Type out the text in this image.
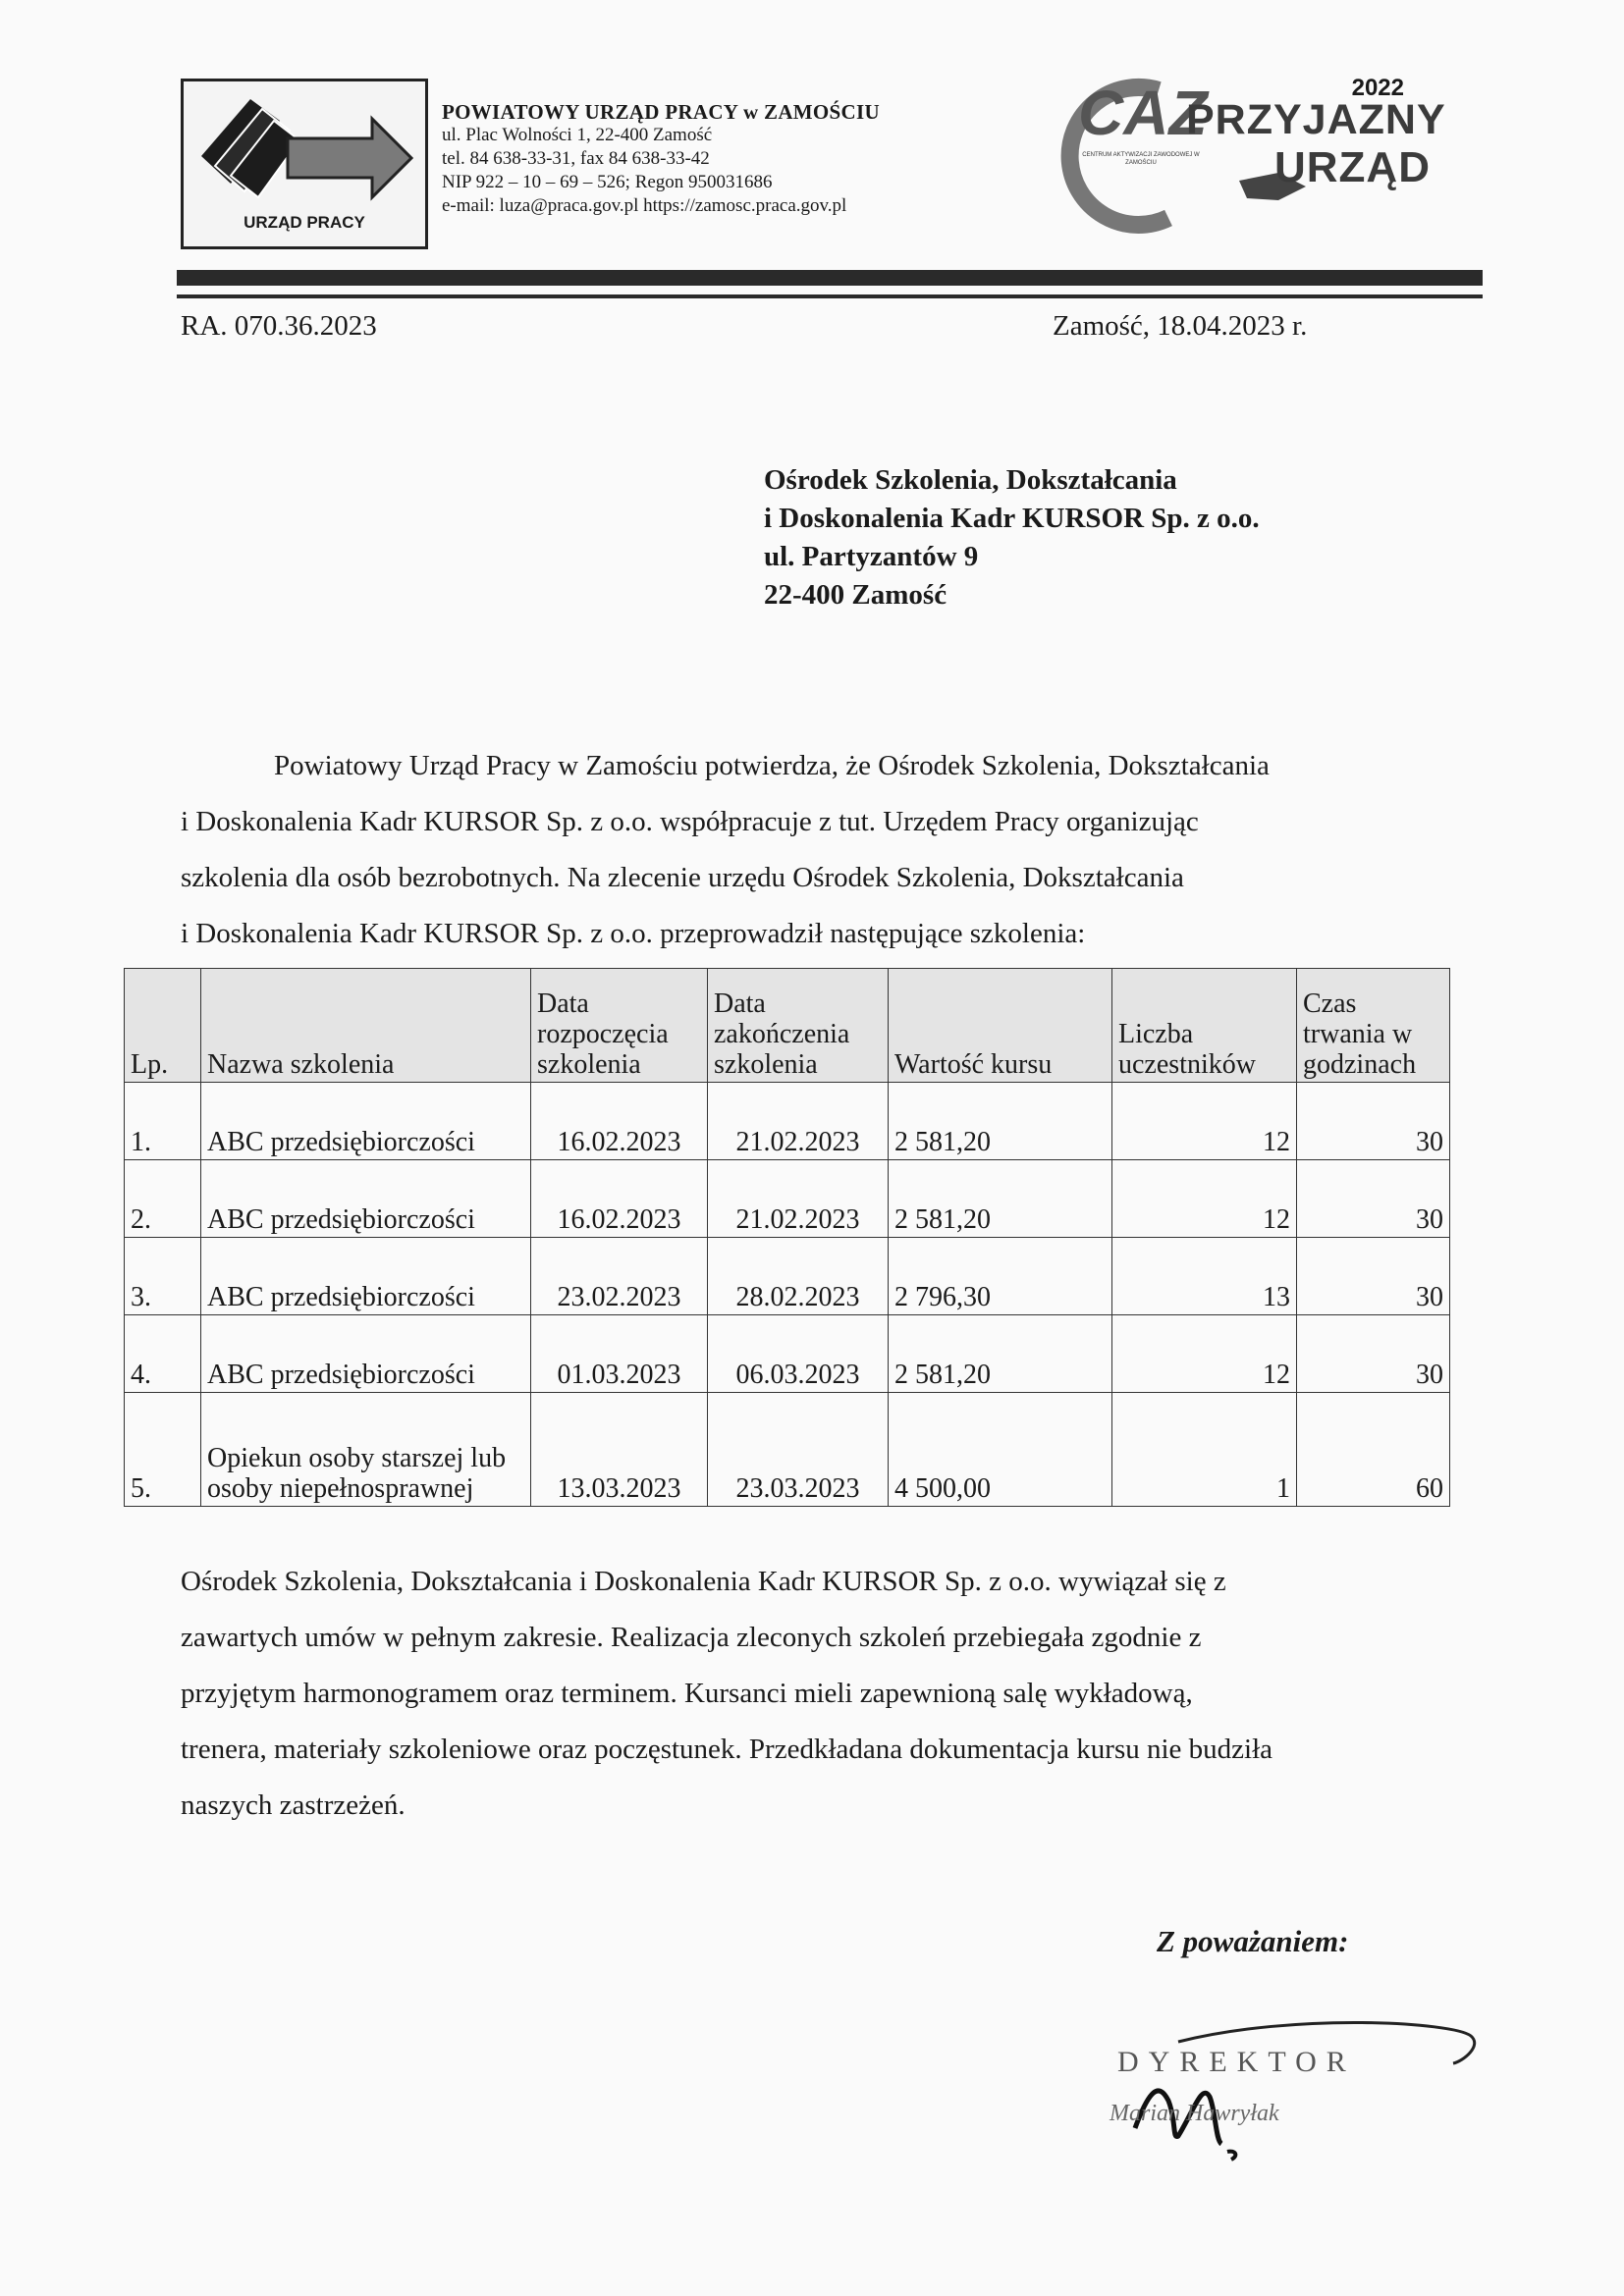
URZĄD PRACY
POWIATOWY URZĄD PRACY w ZAMOŚCIU
ul. Plac Wolności 1, 22-400 Zamość
tel. 84 638-33-31, fax 84 638-33-42
NIP 922 – 10 – 69 – 526; Regon 950031686
e-mail: luza@praca.gov.pl https://zamosc.praca.gov.pl
2022
CAZ
CENTRUM AKTYWIZACJI ZAWODOWEJ W ZAMOŚCIU
PRZYJAZNY
URZĄD
RA. 070.36.2023	Zamość, 18.04.2023 r.
Ośrodek Szkolenia, Dokształcania
i Doskonalenia Kadr KURSOR Sp. z o.o.
ul. Partyzantów 9
22-400 Zamość

Powiatowy Urząd Pracy w Zamościu potwierdza, że Ośrodek Szkolenia, Dokształcania

i Doskonalenia Kadr KURSOR Sp. z o.o. współpracuje z tut. Urzędem Pracy organizując

szkolenia dla osób bezrobotnych. Na zlecenie urzędu Ośrodek Szkolenia, Dokształcania

i Doskonalenia Kadr KURSOR Sp. z o.o. przeprowadził następujące szkolenia:

Lp.	Nazwa szkolenia	Data rozpoczęcia szkolenia	Data zakończenia szkolenia	Wartość kursu	Liczba uczestników	Czas trwania w godzinach
1.	ABC przedsiębiorczości	16.02.2023	21.02.2023	2 581,20	12	30
2.	ABC przedsiębiorczości	16.02.2023	21.02.2023	2 581,20	12	30
3.	ABC przedsiębiorczości	23.02.2023	28.02.2023	2 796,30	13	30
4.	ABC przedsiębiorczości	01.03.2023	06.03.2023	2 581,20	12	30
5.	Opiekun osoby starszej lub osoby niepełnosprawnej	13.03.2023	23.03.2023	4 500,00	1	60

Ośrodek Szkolenia, Dokształcania i Doskonalenia Kadr KURSOR Sp. z o.o. wywiązał się z

zawartych umów w pełnym zakresie. Realizacja zleconych szkoleń przebiegała zgodnie z

przyjętym harmonogramem oraz terminem. Kursanci mieli zapewnioną salę wykładową,

trenera, materiały szkoleniowe oraz poczęstunek. Przedkładana dokumentacja kursu nie budziła

naszych zastrzeżeń.

Z poważaniem:
DYREKTOR
Marian Hawryłak
